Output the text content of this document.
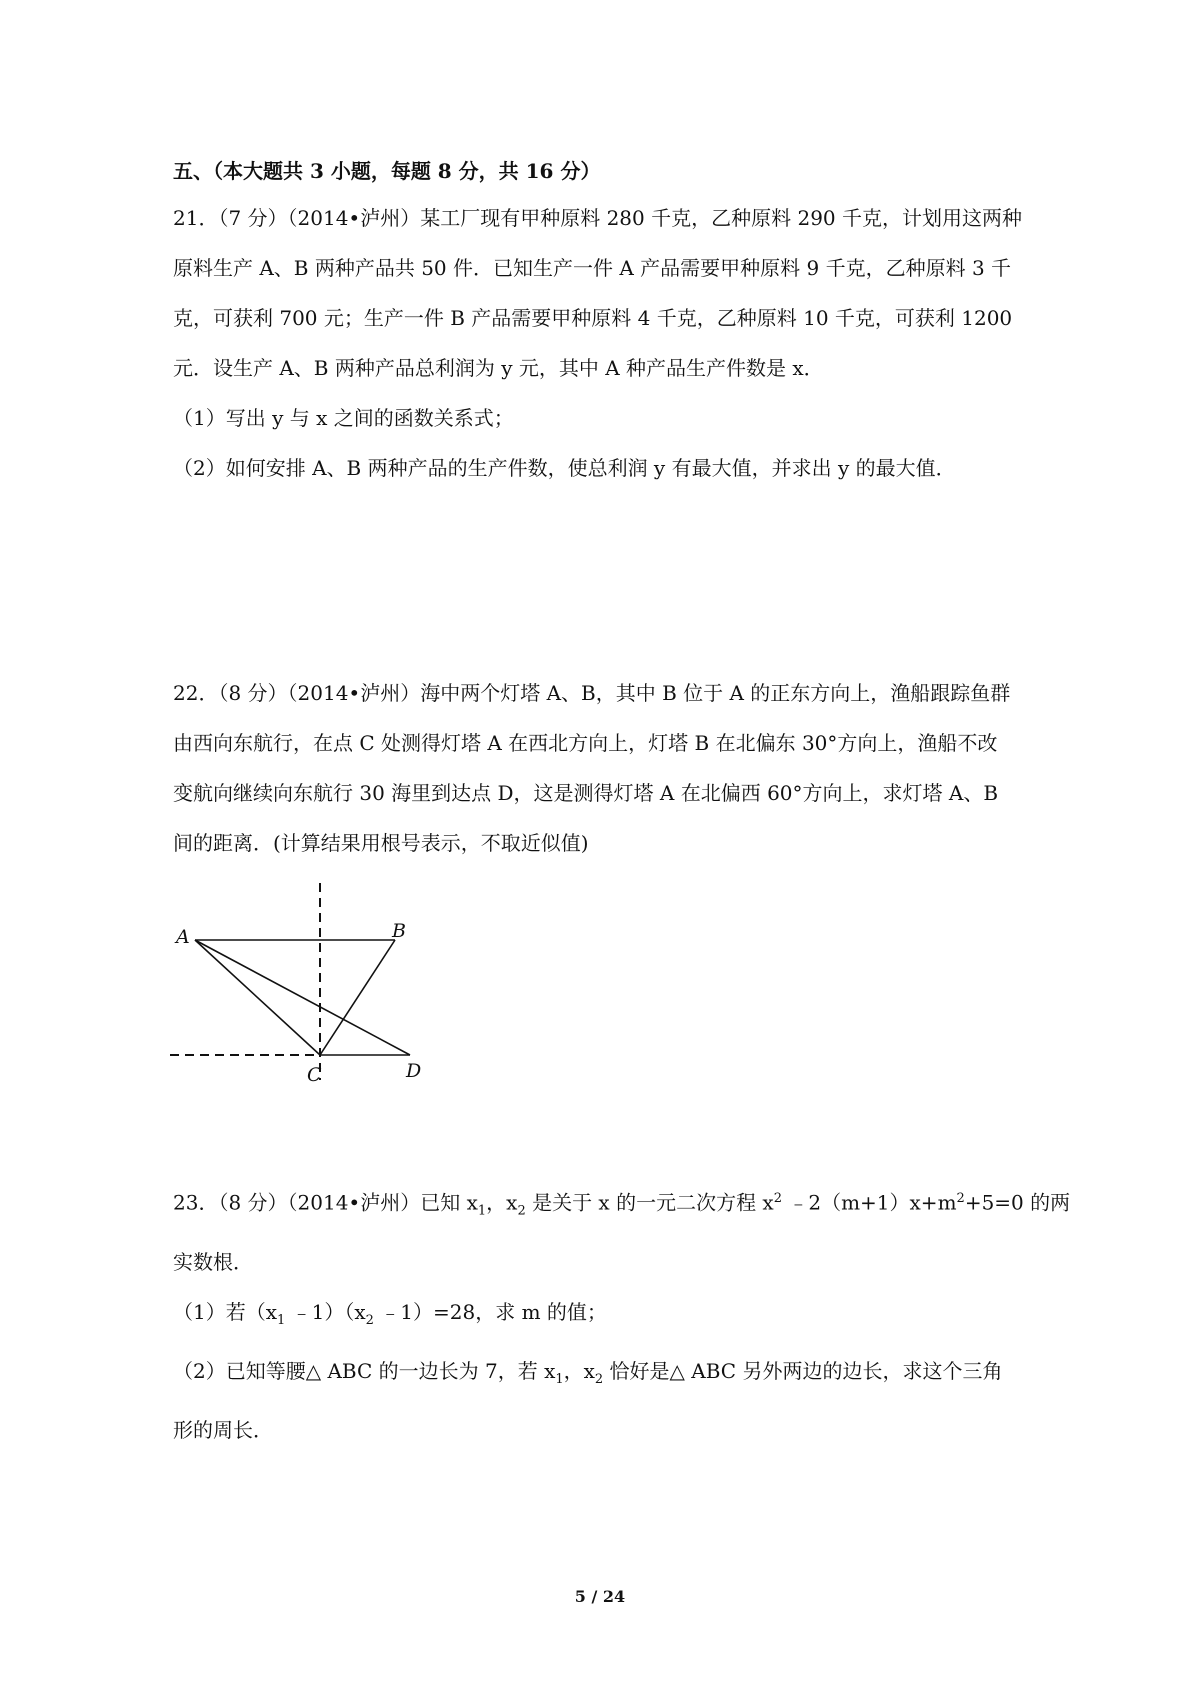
五、（本大题共 3 小题，每题 8 分，共 16 分）

21．（7 分）（2014•泸州）某工厂现有甲种原料 280 千克，乙种原料 290 千克，计划用这两种

原料生产 A、B 两种产品共 50 件．已知生产一件 A 产品需要甲种原料 9 千克，乙种原料 3 千

克，可获利 700 元；生产一件 B 产品需要甲种原料 4 千克，乙种原料 10 千克，可获利 1200

元．设生产 A、B 两种产品总利润为 y 元，其中 A 种产品生产件数是 x．

（1）写出 y 与 x 之间的函数关系式；

（2）如何安排 A、B 两种产品的生产件数，使总利润 y 有最大值，并求出 y 的最大值．

22．（8 分）（2014•泸州）海中两个灯塔 A、B，其中 B 位于 A 的正东方向上，渔船跟踪鱼群

由西向东航行，在点 C 处测得灯塔 A 在西北方向上，灯塔 B 在北偏东 30°方向上，渔船不改

变航向继续向东航行 30 海里到达点 D，这是测得灯塔 A 在北偏西 60°方向上，求灯塔 A、B

间的距离．(计算结果用根号表示，不取近似值)

A	B
C	D

23．（8 分）（2014•泸州）已知 $x_1$，$x_2$ 是关于 x 的一元二次方程 $x^2$ $﹣2(m+1)x+m^2+5=0$ 的两

实数根．

（1）若（$x_1$ $﹣1)(x_2$ ﹣1）=28，求 m 的值；

（2）已知等腰△ ABC 的一边长为 7，若 $x_1$，$x_2$ 恰好是△ ABC 另外两边的边长，求这个三角

形的周长．

5 / 24
